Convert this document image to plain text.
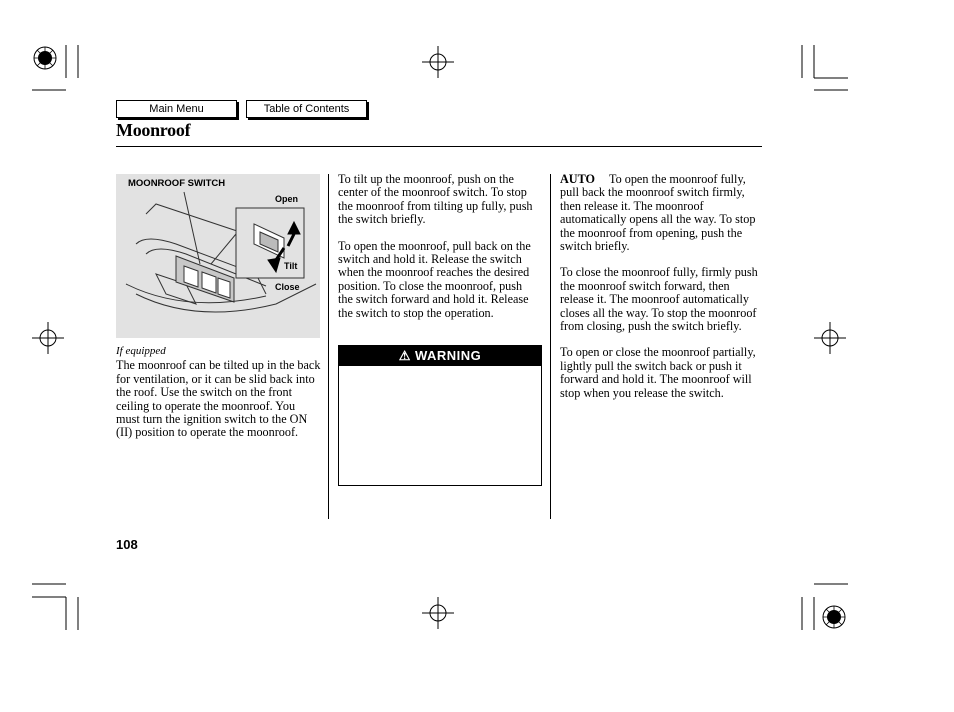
Main Menu	Table of Contents
Moonroof
MOONROOF SWITCH
Open
Tilt
Close
If equipped
The moonroof can be tilted up in the back for ventilation, or it can be slid back into the roof. Use the switch on the front ceiling to operate the moonroof. You must turn the ignition switch to the ON (II) position to operate the moonroof.

To tilt up the moonroof, push on the center of the moonroof switch. To stop the moonroof from tilting up fully, push the switch briefly.

To open the moonroof, pull back on the switch and hold it. Release the switch when the moonroof reaches the desired position. To close the moonroof, push the switch forward and hold it. Release the switch to stop the operation.

⚠ WARNING

AUTO To open the moonroof fully, pull back the moonroof switch firmly, then release it. The moonroof automatically opens all the way. To stop the moonroof from opening, push the switch briefly.

To close the moonroof fully, firmly push the moonroof switch forward, then release it. The moonroof automatically closes all the way. To stop the moonroof from closing, push the switch briefly.

To open or close the moonroof partially, lightly pull the switch back or push it forward and hold it. The moonroof will stop when you release the switch.

108
